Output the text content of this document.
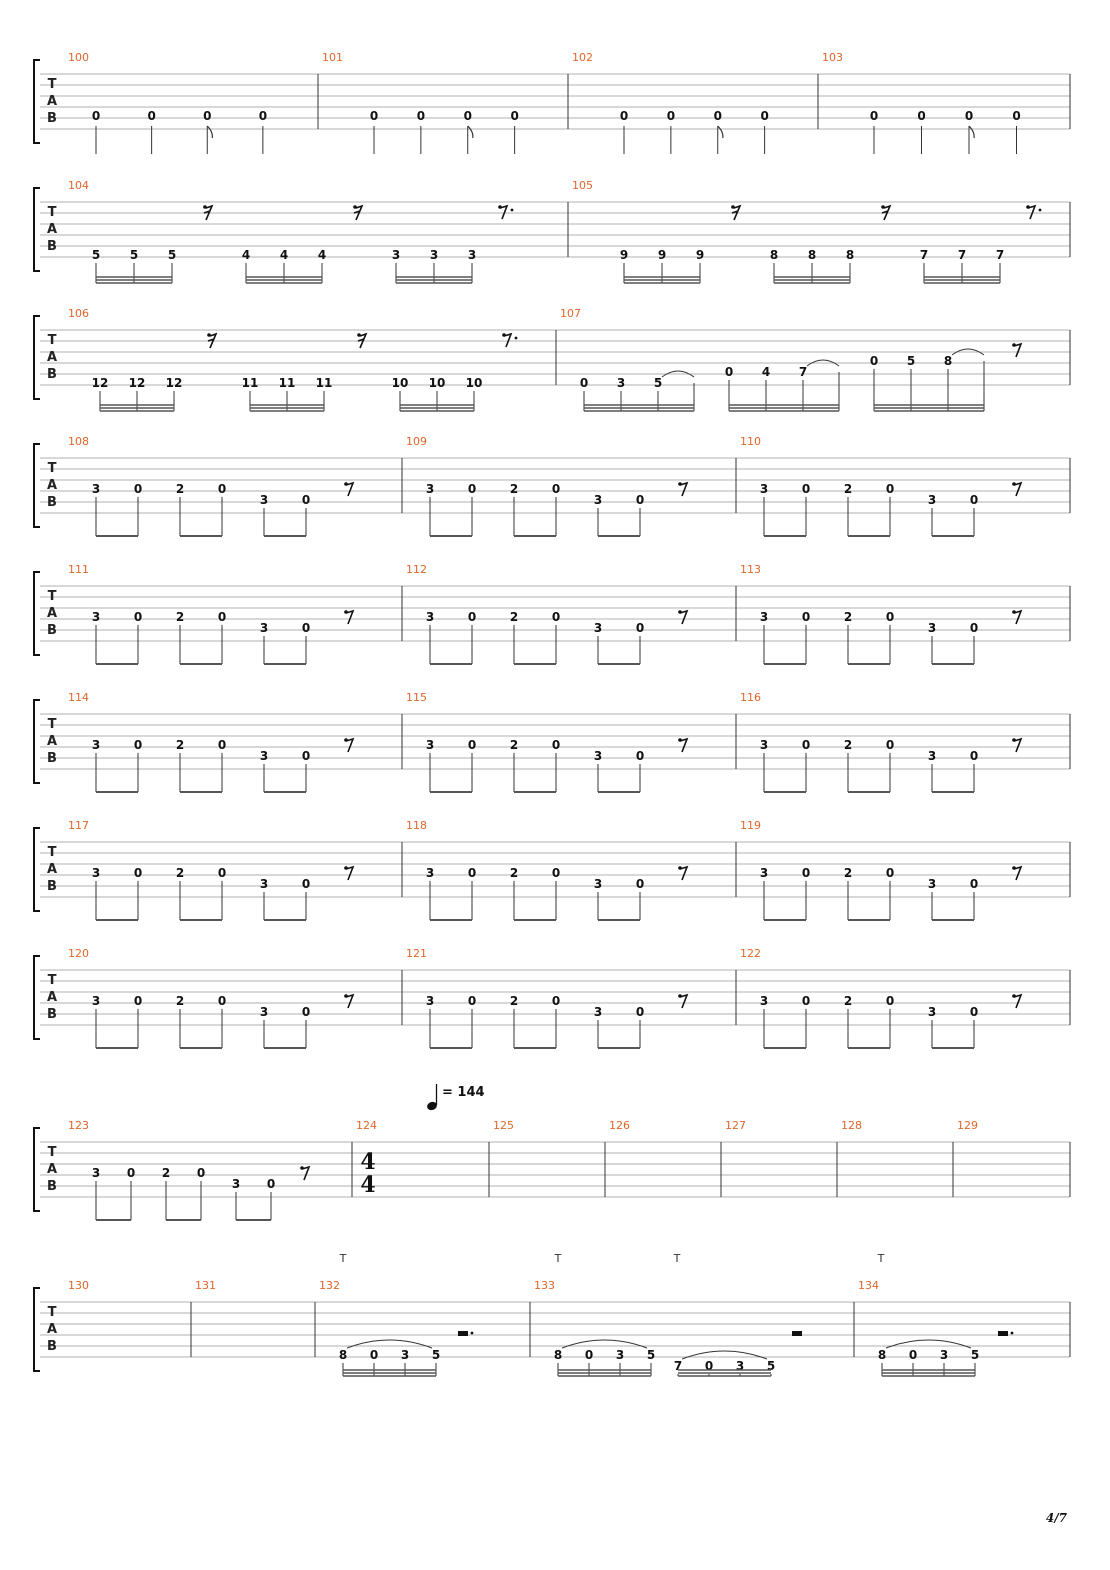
T
A
B
100
0	0	0	0
101
0	0	0	0
102
0	0	0	0
103
0	0	0	0
T
A
B
104
5 5 5	4 4 4	3 3 3
105
9 9 9	8 8 8	7 7 7
T
A
B
106
12 12 12	11 11 11	10 10 10
107
0 3 5
0 4 7
0 5 8
T
A
B
108
3	0	2	0
3	0
109
3	0	2	0
3	0
110
3	0	2	0
3	0
T
A
B
111
3	0	2	0
3	0
112
3	0	2	0
3	0
113
3	0	2	0
3	0
T
A
B
114
3	0	2	0
3	0
115
3	0	2	0
3	0
116
3	0	2	0
3	0
T
A
B
117
3	0	2	0
3	0
118
3	0	2	0
3	0
119
3	0	2	0
3	0
T
A
B
120
3	0	2	0
3	0
121
3	0	2	0
3	0
122
3	0	2	0
3	0
T
A
B
123
3 0 2 0
3 0
124	125	126	127	128	129
T
A
B
130	131	132
8 0 3 5
133
8 0 3 5
7 0 3 5
134
8 0 3 5
4
4
= 144
T	T	T	T
4/7
